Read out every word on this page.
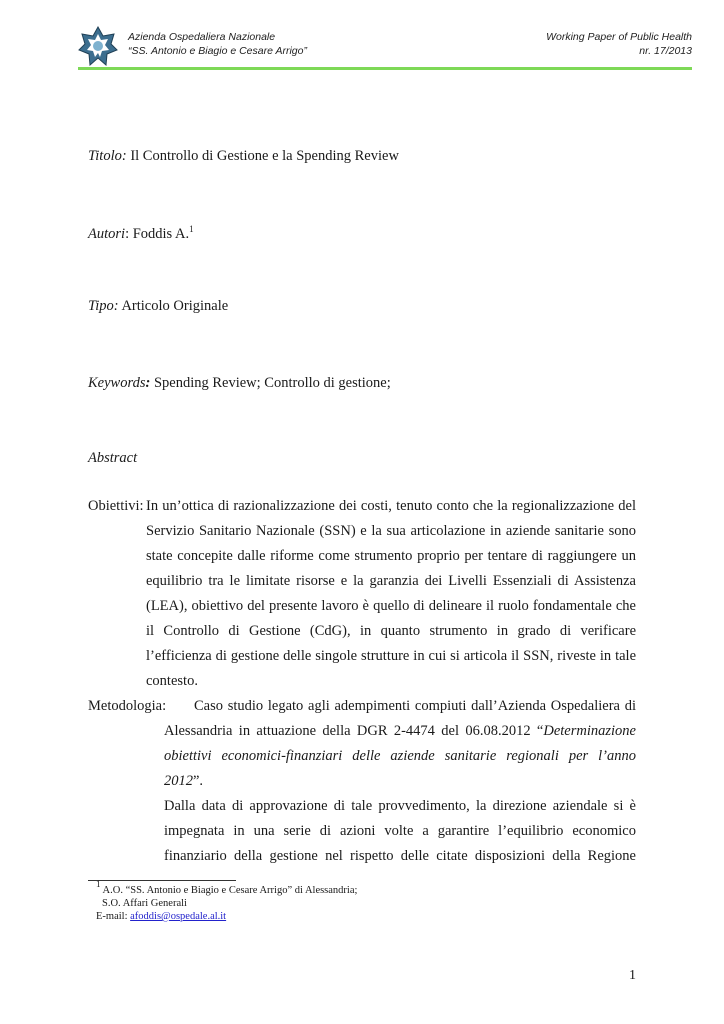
Azienda Ospedaliera Nazionale
“SS. Antonio e Biagio e Cesare Arrigo”
Working Paper of Public Health
nr. 17/2013
Titolo: Il Controllo di Gestione e la Spending Review
Autori: Foddis A.$^1$
Tipo: Articolo Originale
Keywords: Spending Review; Controllo di gestione;
Abstract
Obiettivi: In un’ottica di razionalizzazione dei costi, tenuto conto che la regionalizzazione del
Servizio Sanitario Nazionale (SSN) e la sua articolazione in aziende sanitarie sono
state concepite dalle riforme come strumento proprio per tentare di raggiungere un
equilibrio tra le limitate risorse e la garanzia dei Livelli Essenziali di Assistenza
(LEA), obiettivo del presente lavoro è quello di delineare il ruolo fondamentale che
il Controllo di Gestione (CdG), in quanto strumento in grado di verificare
l’efficienza di gestione delle singole strutture in cui si articola il SSN, riveste in tale
contesto.
Metodologia: Caso studio legato agli adempimenti compiuti dall’Azienda Ospedaliera di
Alessandria in attuazione della DGR 2-4474 del 06.08.2012 “Determinazione
obiettivi economici-finanziari delle aziende sanitarie regionali per l’anno
2012”.
Dalla data di approvazione di tale provvedimento, la direzione aziendale si è
impegnata in una serie di azioni volte a garantire l’equilibrio economico
finanziario della gestione nel rispetto delle citate disposizioni della Regione
$^1$ A.O. “SS. Antonio e Biagio e Cesare Arrigo” di Alessandria;
S.O. Affari Generali
E-mail: afoddis@ospedale.al.it
1
